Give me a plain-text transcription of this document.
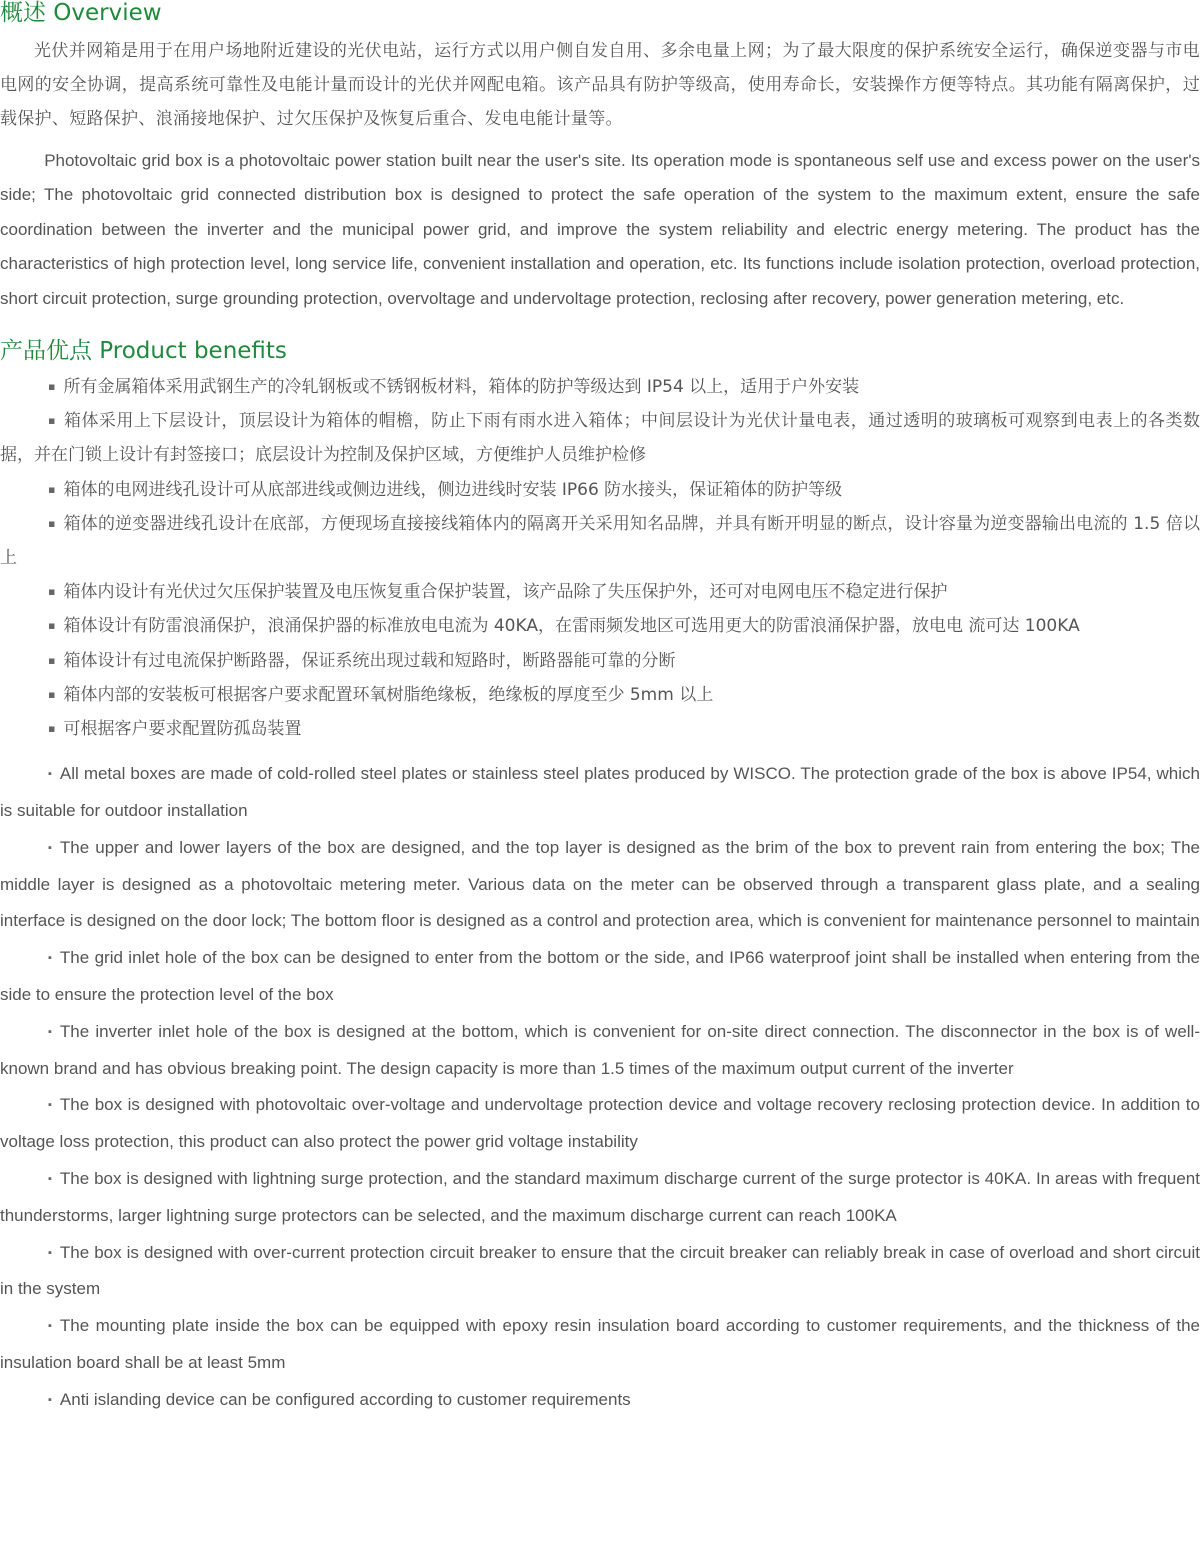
概述 Overview

光伏并网箱是用于在用户场地附近建设的光伏电站，运行方式以用户侧自发自用、多余电量上网；为了最大限度的保护系统安全运行，确保逆变器与市电电网的安全协调，提高系统可靠性及电能计量而设计的光伏并网配电箱。该产品具有防护等级高，使用寿命长，安装操作方便等特点。其功能有隔离保护，过载保护、短路保护、浪涌接地保护、过欠压保护及恢复后重合、发电电能计量等。

Photovoltaic grid box is a photovoltaic power station built near the user's site. Its operation mode is spontaneous self use and excess power on the user's side; The photovoltaic grid connected distribution box is designed to protect the safe operation of the system to the maximum extent, ensure the safe coordination between the inverter and the municipal power grid, and improve the system reliability and electric energy metering. The product has the characteristics of high protection level, long service life, convenient installation and operation, etc. Its functions include isolation protection, overload protection, short circuit protection, surge grounding protection, overvoltage and undervoltage protection, reclosing after recovery, power generation metering, etc.

产品优点 Product benefits
▪ 所有金属箱体采用武钢生产的冷轧钢板或不锈钢板材料，箱体的防护等级达到 IP54 以上，适用于户外安装
▪ 箱体采用上下层设计，顶层设计为箱体的帽檐，防止下雨有雨水进入箱体；中间层设计为光伏计量电表，通过透明的玻璃板可观察到电表上的各类数据，并在门锁上设计有封签接口；底层设计为控制及保护区域，方便维护人员维护检修
▪ 箱体的电网进线孔设计可从底部进线或侧边进线，侧边进线时安装 IP66 防水接头，保证箱体的防护等级
▪ 箱体的逆变器进线孔设计在底部，方便现场直接接线箱体内的隔离开关采用知名品牌，并具有断开明显的断点，设计容量为逆变器输出电流的 1.5 倍以上
▪ 箱体内设计有光伏过欠压保护装置及电压恢复重合保护装置，该产品除了失压保护外，还可对电网电压不稳定进行保护
▪ 箱体设计有防雷浪涌保护，浪涌保护器的标准放电电流为 40KA，在雷雨频发地区可选用更大的防雷浪涌保护器，放电电 流可达 100KA
▪ 箱体设计有过电流保护断路器，保证系统出现过载和短路时，断路器能可靠的分断
▪ 箱体内部的安装板可根据客户要求配置环氧树脂绝缘板，绝缘板的厚度至少 5mm 以上
▪ 可根据客户要求配置防孤岛装置
▪ All metal boxes are made of cold-rolled steel plates or stainless steel plates produced by WISCO. The protection grade of the box is above IP54, which is suitable for outdoor installation
▪ The upper and lower layers of the box are designed, and the top layer is designed as the brim of the box to prevent rain from entering the box; The middle layer is designed as a photovoltaic metering meter. Various data on the meter can be observed through a transparent glass plate, and a sealing interface is designed on the door lock; The bottom floor is designed as a control and protection area, which is convenient for maintenance personnel to maintain
▪ The grid inlet hole of the box can be designed to enter from the bottom or the side, and IP66 waterproof joint shall be installed when entering from the side to ensure the protection level of the box
▪ The inverter inlet hole of the box is designed at the bottom, which is convenient for on-site direct connection. The disconnector in the box is of well-known brand and has obvious breaking point. The design capacity is more than 1.5 times of the maximum output current of the inverter
▪ The box is designed with photovoltaic over-voltage and undervoltage protection device and voltage recovery reclosing protection device. In addition to voltage loss protection, this product can also protect the power grid voltage instability
▪ The box is designed with lightning surge protection, and the standard maximum discharge current of the surge protector is 40KA. In areas with frequent thunderstorms, larger lightning surge protectors can be selected, and the maximum discharge current can reach 100KA
▪ The box is designed with over-current protection circuit breaker to ensure that the circuit breaker can reliably break in case of overload and short circuit in the system
▪ The mounting plate inside the box can be equipped with epoxy resin insulation board according to customer requirements, and the thickness of the insulation board shall be at least 5mm
▪ Anti islanding device can be configured according to customer requirements
